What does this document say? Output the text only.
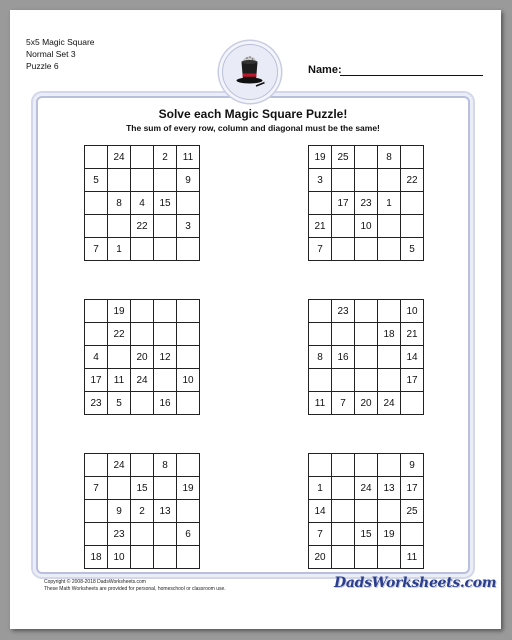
5x5 Magic Square
Normal Set 3
Puzzle 6	Name:
Solve each Magic Square Puzzle!
The sum of every row, column and diagonal must be the same!
	24		2	11
5				9
	8	4	15	
		22		3
7	1			
19	25		8	
3				22
	17	23	1	
21		10		
7				5
	19			
	22			
4		20	12	
17	11	24		10
23	5		16	
	23			10
			18	21
8	16			14
				17
11	7	20	24	
	24		8	
7		15		19
	9	2	13	
	23			6
18	10			
				9
1		24	13	17
14				25
7		15	19	
20				11
Copyright © 2008-2018 DadsWorksheets.com
These Math Worksheets are provided for personal, homeschool or classroom use.	DadsWorksheets.com
